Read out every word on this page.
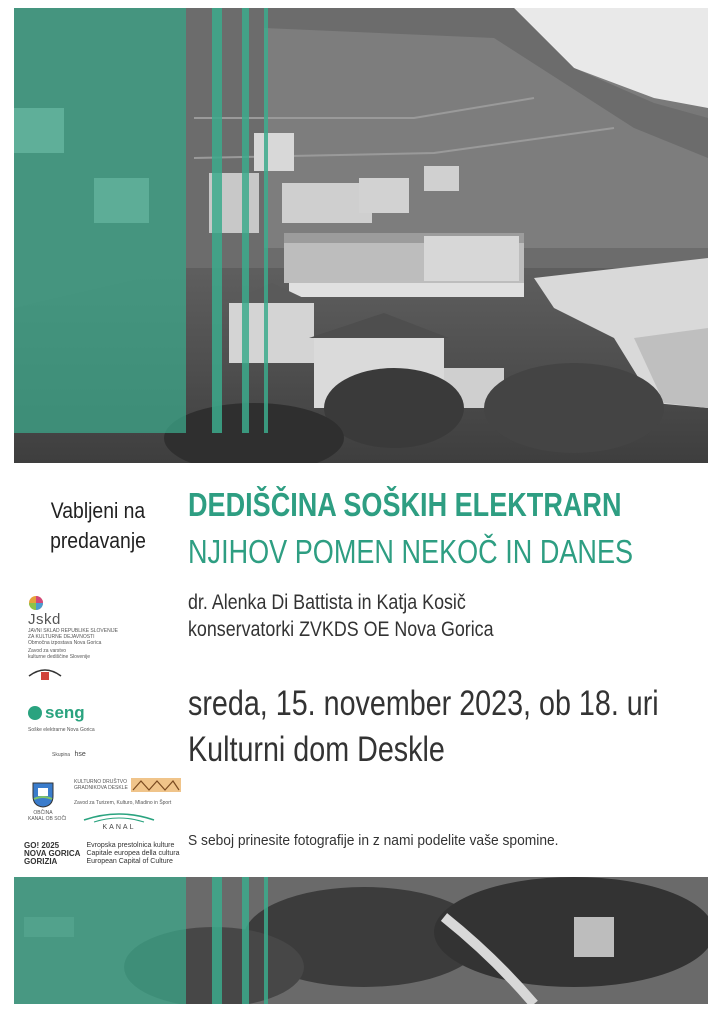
Vabljeni na predavanje
DEDIŠČINA SOŠKIH ELEKTRARN
NJIHOV POMEN NEKOČ IN DANES
dr. Alenka Di Battista in Katja Kosič
konservatorki ZVKDS OE Nova Gorica
sreda, 15. november 2023, ob 18. uri
Kulturni dom Deskle
S seboj prinesite fotografije in z nami podelite vaše spomine.
Jskd
JAVNI SKLAD REPUBLIKE SLOVENIJE
ZA KULTURNE DEJAVNOSTI
Območna izpostava Nova Gorica
Zavod za varstvo
kulturne dediščine Slovenije
seng
Soške elektrarne Nova Gorica
Skupina hse
OBČINA
KANAL OB SOČI
KULTURNO DRUŠTVO
GRADNIKOVA DESKLE
Zavod za Turizem, Kulturo, Mladino in Šport
KANAL
GO! 2025
NOVA GORICA
GORIZIA
Evropska prestolnica kulture
Capitale europea della cultura
European Capital of Culture
